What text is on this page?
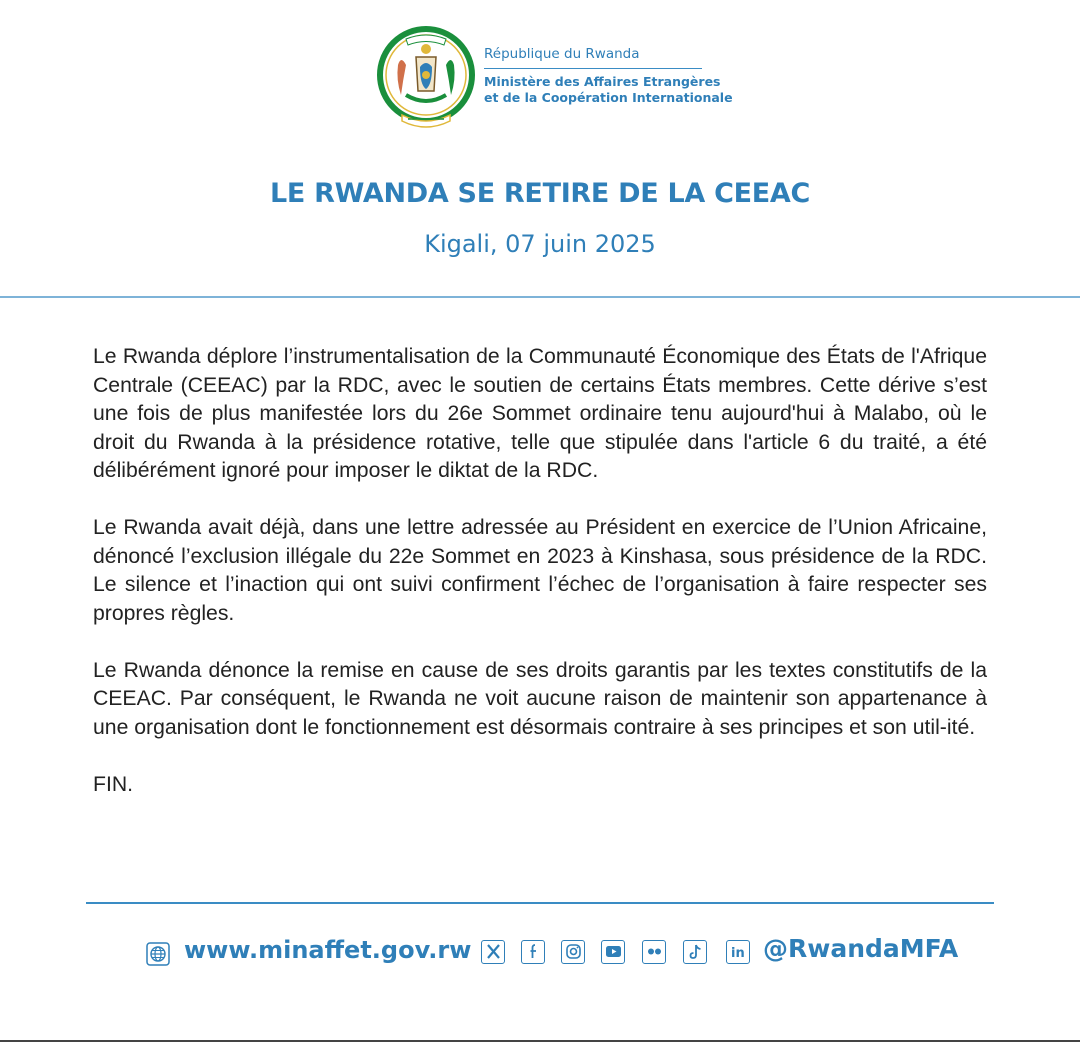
République du Rwanda
Ministère des Affaires Etrangères
et de la Coopération Internationale
LE RWANDA SE RETIRE DE LA CEEAC
Kigali, 07 juin 2025

Le Rwanda déplore l’instrumentalisation de la Communauté Économique des États de l'Afrique Centrale (CEEAC) par la RDC, avec le soutien de certains États membres. Cette dérive s’est une fois de plus manifestée lors du 26e Sommet ordinaire tenu aujourd'hui à Malabo, où le droit du Rwanda à la présidence rotative, telle que stipulée dans l'article 6 du traité, a été délibérément ignoré pour imposer le diktat de la RDC.

Le Rwanda avait déjà, dans une lettre adressée au Président en exercice de l’Union Africaine, dénoncé l’exclusion illégale du 22e Sommet en 2023 à Kinshasa, sous présidence de la RDC. Le silence et l’inaction qui ont suivi confirment l’échec de l’organisation à faire respecter ses propres règles.

Le Rwanda dénonce la remise en cause de ses droits garantis par les textes constitutifs de la CEEAC. Par conséquent, le Rwanda ne voit aucune raison de maintenir son appartenance à une organisation dont le fonctionnement est désormais contraire à ses principes et son util-ité.

FIN.

www.minaffet.gov.rw	in @RwandaMFA
